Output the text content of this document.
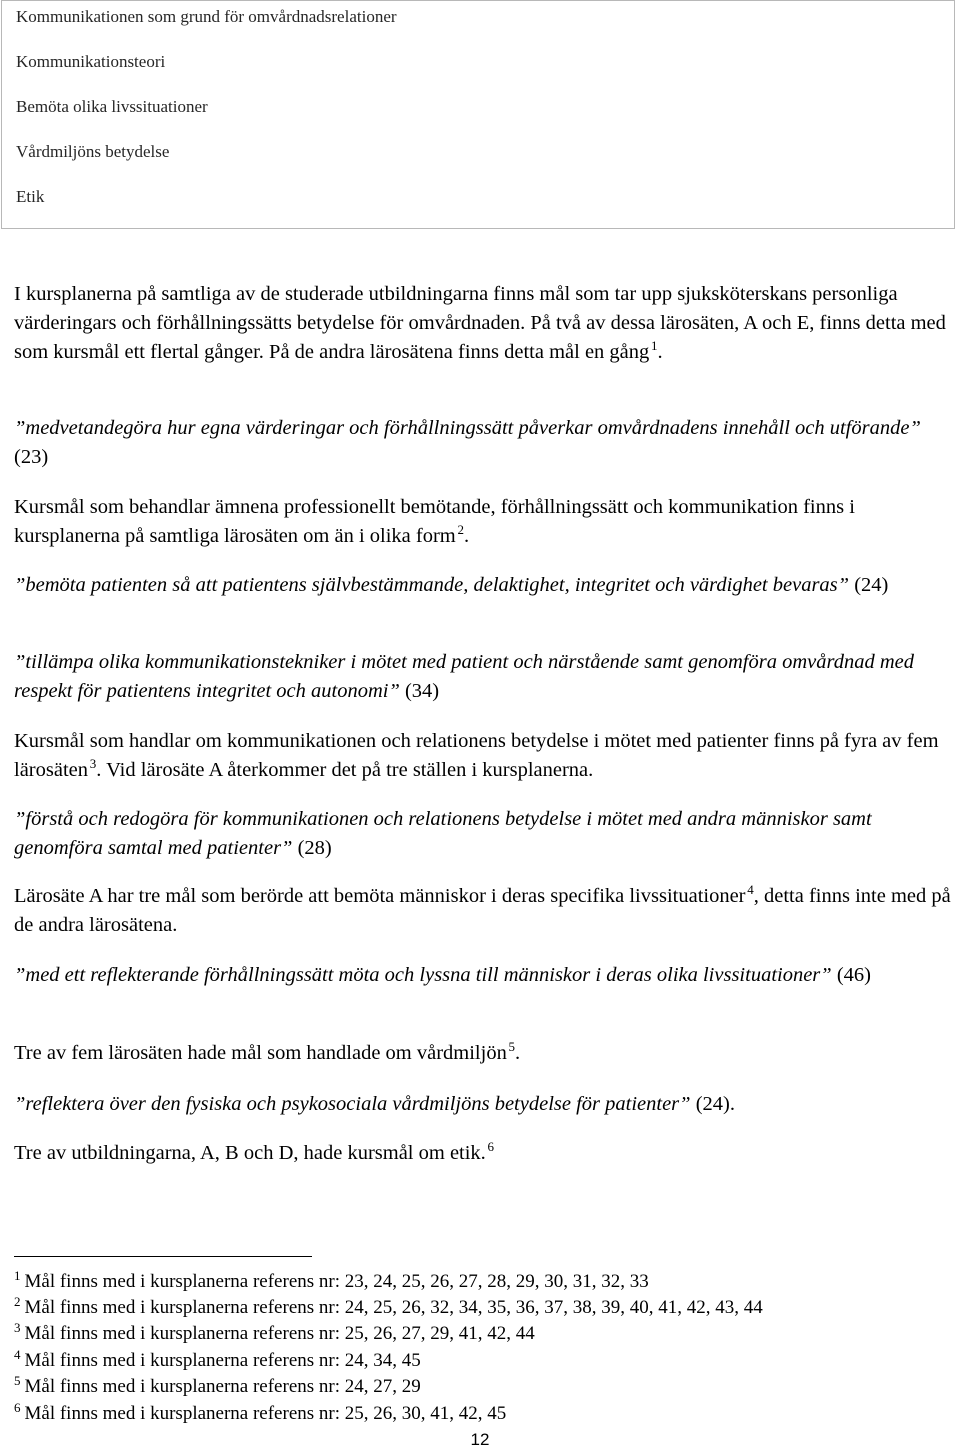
Kommunikationen som grund för omvårdnadsrelationer
Kommunikationsteori
Bemöta olika livssituationer
Vårdmiljöns betydelse
Etik

I kursplanerna på samtliga av de studerade utbildningarna finns mål som tar upp sjuksköterskans personliga värderingars och förhållningssätts betydelse för omvårdnaden. På två av dessa lärosäten, A och E, finns detta med som kursmål ett flertal gånger. På de andra lärosätena finns detta mål en gång  $^1$.

”medvetandegöra hur egna värderingar och förhållningssätt påverkar omvårdnadens innehåll och utförande” (23)

Kursmål som behandlar ämnena professionellt bemötande, förhållningssätt och kommunikation finns i kursplanerna på samtliga lärosäten om än i olika form  $^2$.

”bemöta patienten så att patientens självbestämmande, delaktighet, integritet och värdighet bevaras” (24)

”tillämpa olika kommunikationstekniker i mötet med patient och närstående samt genomföra omvårdnad med respekt för patientens integritet och autonomi” (34)

Kursmål som handlar om kommunikationen och relationens betydelse i mötet med patienter finns på fyra av fem lärosäten  $^3$. Vid lärosäte A återkommer det på tre ställen i kursplanerna.

”förstå och redogöra för kommunikationen och relationens betydelse i mötet med andra människor samt genomföra samtal med patienter” (28)

Lärosäte A har tre mål som berörde att bemöta människor i deras specifika livssituationer  $^4$, detta finns inte med på de andra lärosätena.

”med ett reflekterande förhållningssätt möta och lyssna till människor i deras olika livssituationer” (46)

Tre av fem lärosäten hade mål som handlade om vårdmiljön  $^5$.

”reflektera över den fysiska och psykosociala vårdmiljöns betydelse för patienter” (24).

Tre av utbildningarna, A, B och D, hade kursmål om etik.  $^6$

$^1$ Mål finns med i kursplanerna referens nr: 23, 24, 25, 26, 27, 28, 29, 30, 31, 32, 33
$^2$ Mål finns med i kursplanerna referens nr: 24, 25, 26, 32, 34, 35, 36, 37, 38, 39, 40, 41, 42, 43, 44
$^3$ Mål finns med i kursplanerna referens nr: 25, 26, 27, 29, 41, 42, 44
$^4$ Mål finns med i kursplanerna referens nr: 24, 34, 45
$^5$ Mål finns med i kursplanerna referens nr: 24, 27, 29
$^6$ Mål finns med i kursplanerna referens nr: 25, 26, 30, 41, 42, 45
12
